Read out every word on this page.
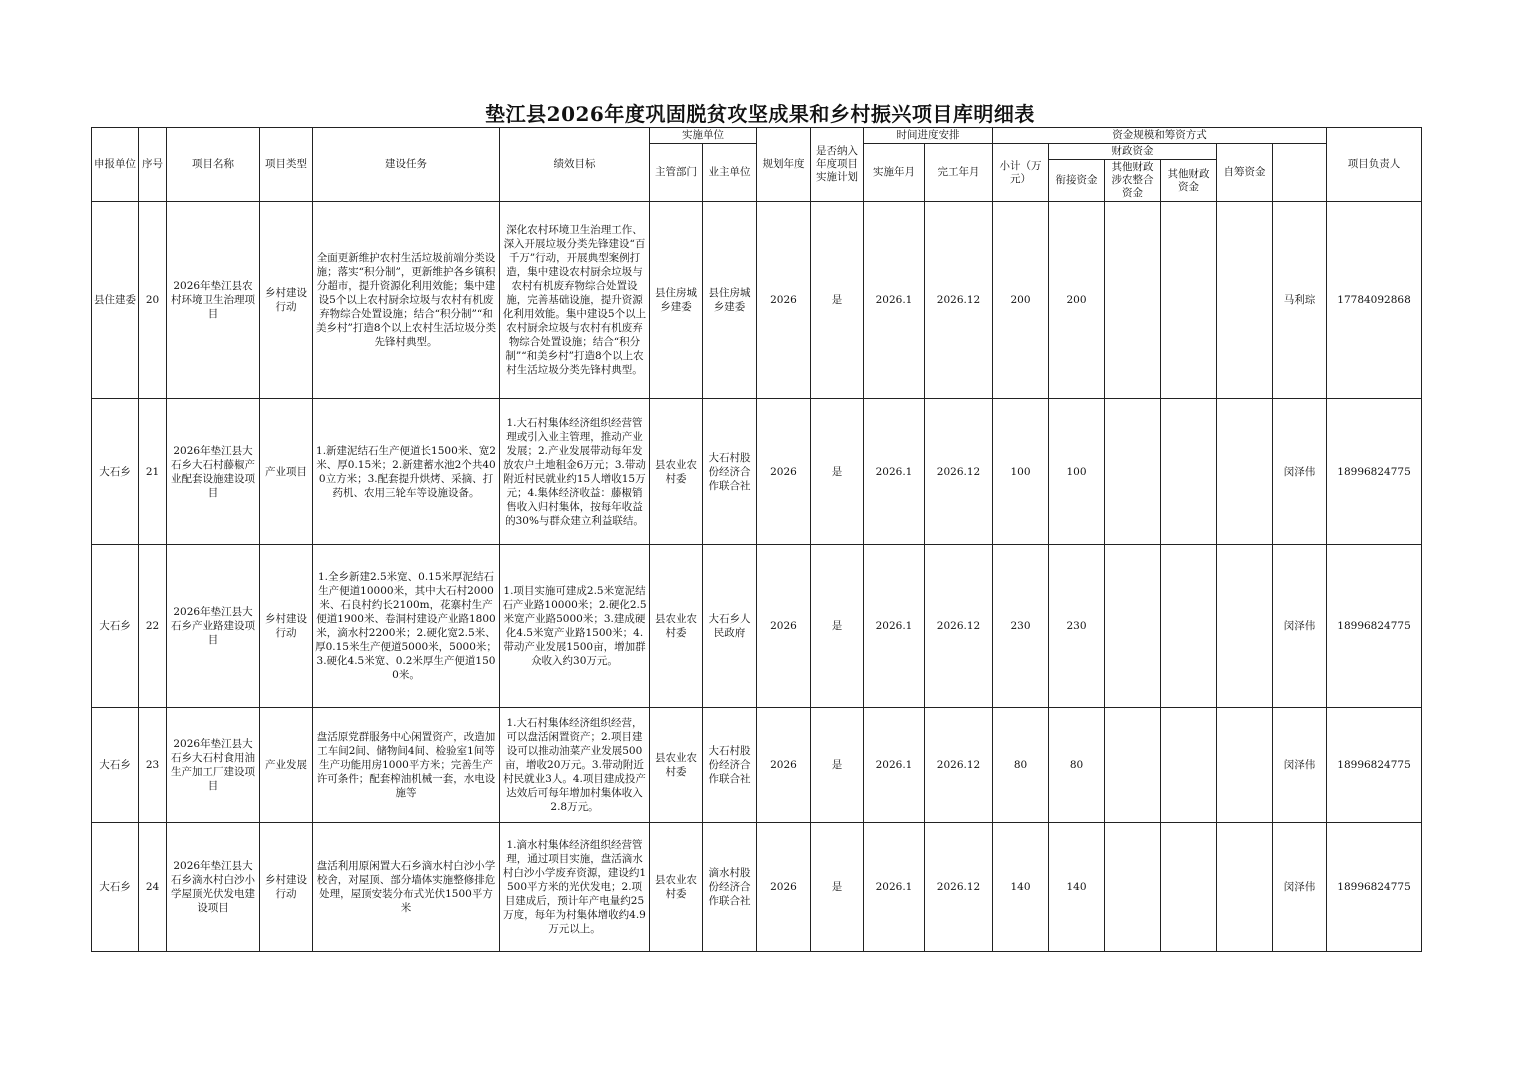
垫江县2026年度巩固脱贫攻坚成果和乡村振兴项目库明细表
申报单位	序号	项目名称	项目类型	建设任务	绩效目标	实施单位		规划年度	是否纳入年度项目实施计划	时间进度安排		资金规模和筹资方式						项目负责人	
						主管部门	业主单位			实施年月	完工年月	小计（万元）	财政资金			自筹资金			
													衔接资金	其他财政涉农整合资金	其他财政资金				
县住建委	20	2026年垫江县农村环境卫生治理项目	乡村建设行动	全面更新维护农村生活垃圾前端分类设施；落实“积分制”，更新维护各乡镇积分超市，提升资源化利用效能；集中建设5个以上农村厨余垃圾与农村有机废弃物综合处置设施；结合“积分制”“和美乡村”打造8个以上农村生活垃圾分类先锋村典型。	深化农村环境卫生治理工作、深入开展垃圾分类先锋建设“百千万”行动，开展典型案例打造，集中建设农村厨余垃圾与农村有机废弃物综合处置设施，完善基础设施，提升资源化利用效能。集中建设5个以上农村厨余垃圾与农村有机废弃物综合处置设施；结合“积分制”“和美乡村”打造8个以上农村生活垃圾分类先锋村典型。	县住房城乡建委	县住房城乡建委	2026	是	2026.1	2026.12	200	200				马利琮	17784092868	
大石乡	21	2026年垫江县大石乡大石村藤椒产业配套设施建设项目	产业项目	1.新建泥结石生产便道长1500米、宽2米、厚0.15米；2.新建蓄水池2个共400立方米；3.配套提升烘烤、采摘、打药机、农用三轮车等设施设备。	1.大石村集体经济组织经营管理或引入业主管理，推动产业发展；2.产业发展带动每年发放农户土地租金6万元；3.带动附近村民就业约15人增收15万元；4.集体经济收益：藤椒销售收入归村集体，按每年收益的30%与群众建立利益联结。	县农业农村委	大石村股份经济合作联合社	2026	是	2026.1	2026.12	100	100				闵泽伟	18996824775	
大石乡	22	2026年垫江县大石乡产业路建设项目	乡村建设行动	1.全乡新建2.5米宽、0.15米厚泥结石生产便道10000米，其中大石村2000米、石良村约长2100m，花寨村生产便道1900米、卷洞村建设产业路1800米，滴水村2200米；2.硬化宽2.5米、厚0.15米生产便道5000米，5000米；3.硬化4.5米宽、0.2米厚生产便道1500米。	1.项目实施可建成2.5米宽泥结石产业路10000米；2.硬化2.5米宽产业路5000米；3.建成硬化4.5米宽产业路1500米；4.带动产业发展1500亩，增加群众收入约30万元。	县农业农村委	大石乡人民政府	2026	是	2026.1	2026.12	230	230				闵泽伟	18996824775	
大石乡	23	2026年垫江县大石乡大石村食用油生产加工厂建设项目	产业发展	盘活原党群服务中心闲置资产，改造加工车间2间、储物间4间、检验室1间等生产功能用房1000平方米；完善生产许可条件；配套榨油机械一套，水电设施等	1.大石村集体经济组织经营，可以盘活闲置资产；2.项目建设可以推动油菜产业发展500亩，增收20万元。3.带动附近村民就业3人。4.项目建成投产达效后可每年增加村集体收入2.8万元。	县农业农村委	大石村股份经济合作联合社	2026	是	2026.1	2026.12	80	80				闵泽伟	18996824775	
大石乡	24	2026年垫江县大石乡滴水村白沙小学屋顶光伏发电建设项目	乡村建设行动	盘活利用原闲置大石乡滴水村白沙小学校舍，对屋顶、部分墙体实施整修排危处理，屋顶安装分布式光伏1500平方米	1.滴水村集体经济组织经营管理，通过项目实施，盘活滴水村白沙小学废弃资源，建设约1500平方米的光伏发电；2.项目建成后，预计年产电量约25万度，每年为村集体增收约4.9万元以上。	县农业农村委	滴水村股份经济合作联合社	2026	是	2026.1	2026.12	140	140				闵泽伟	18996824775	
